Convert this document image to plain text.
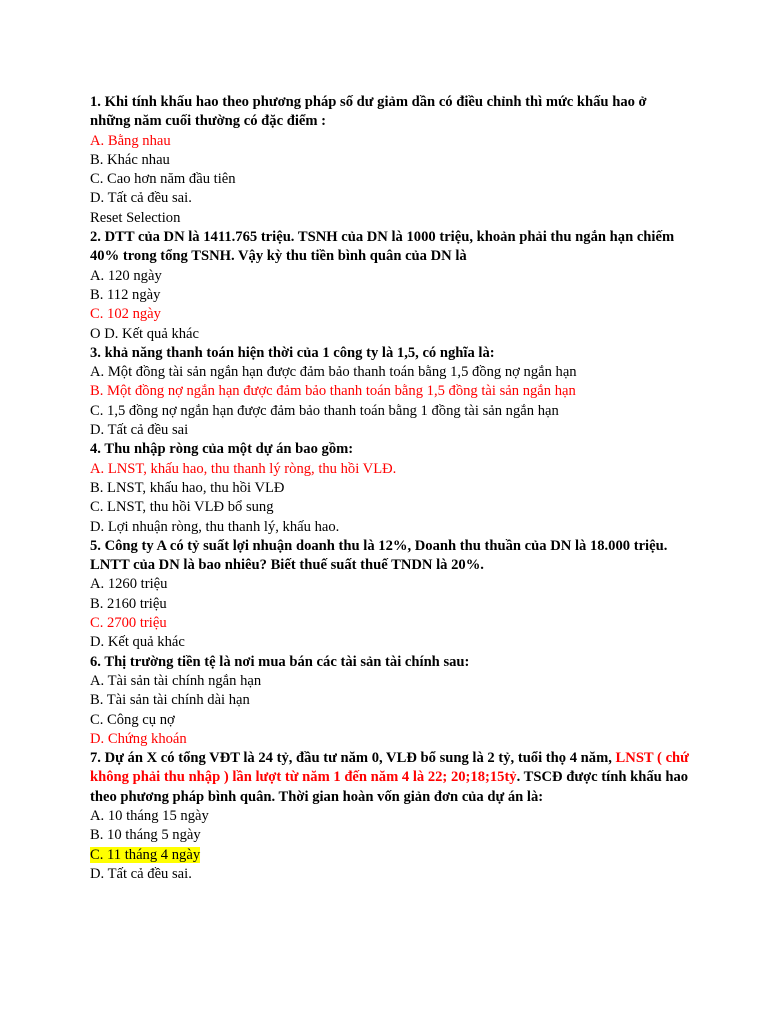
1. Khi tính khấu hao theo phương pháp số dư giảm dần có điều chỉnh thì mức khấu hao ở những năm cuối thường có đặc điểm :
A. Bằng nhau
B. Khác nhau
C. Cao hơn năm đầu tiên
D. Tất cả đều sai.
Reset Selection
2. DTT của DN là 1411.765 triệu. TSNH của DN là 1000 triệu, khoản phải thu ngắn hạn chiếm 40% trong tổng TSNH. Vậy kỳ thu tiền bình quân của DN là
A. 120 ngày
B. 112 ngày
C. 102 ngày
O D. Kết quả khác
3. khả năng thanh toán hiện thời của 1 công ty là 1,5, có nghĩa là:
A. Một đồng tài sản ngắn hạn được đảm bảo thanh toán bằng 1,5 đồng nợ ngắn hạn
B. Một đồng nợ ngắn hạn được đảm bảo thanh toán bằng 1,5 đồng tài sản ngắn hạn
C. 1,5 đồng nợ ngắn hạn được đảm bảo thanh toán bằng 1 đồng tài sản ngắn hạn
D. Tất cả đều sai
4. Thu nhập ròng của một dự án bao gồm:
A. LNST, khấu hao, thu thanh lý ròng, thu hồi VLĐ.
B. LNST, khấu hao, thu hồi VLĐ
C. LNST, thu hồi VLĐ bổ sung
D. Lợi nhuận ròng, thu thanh lý, khấu hao.
5. Công ty A có tỷ suất lợi nhuận doanh thu là 12%, Doanh thu thuần của DN là 18.000 triệu. LNTT của DN là bao nhiêu? Biết thuế suất thuế TNDN là 20%.
A. 1260 triệu
B. 2160 triệu
C. 2700 triệu
D. Kết quả khác
6. Thị trường tiền tệ là nơi mua bán các tài sản tài chính sau:
A. Tài sản tài chính ngắn hạn
B. Tài sản tài chính dài hạn
C. Công cụ nợ
D. Chứng khoán
7. Dự án X có tổng VĐT là 24 tỷ, đầu tư năm 0, VLĐ bổ sung là 2 tỷ, tuổi thọ 4 năm, LNST ( chứ không phải thu nhập ) lần lượt từ năm 1 đến năm 4 là 22; 20;18;15tỷ. TSCĐ được tính khấu hao theo phương pháp bình quân. Thời gian hoàn vốn giản đơn của dự án là:
A. 10 tháng 15 ngày
B. 10 tháng 5 ngày
C. 11 tháng 4 ngày
D. Tất cả đều sai.
